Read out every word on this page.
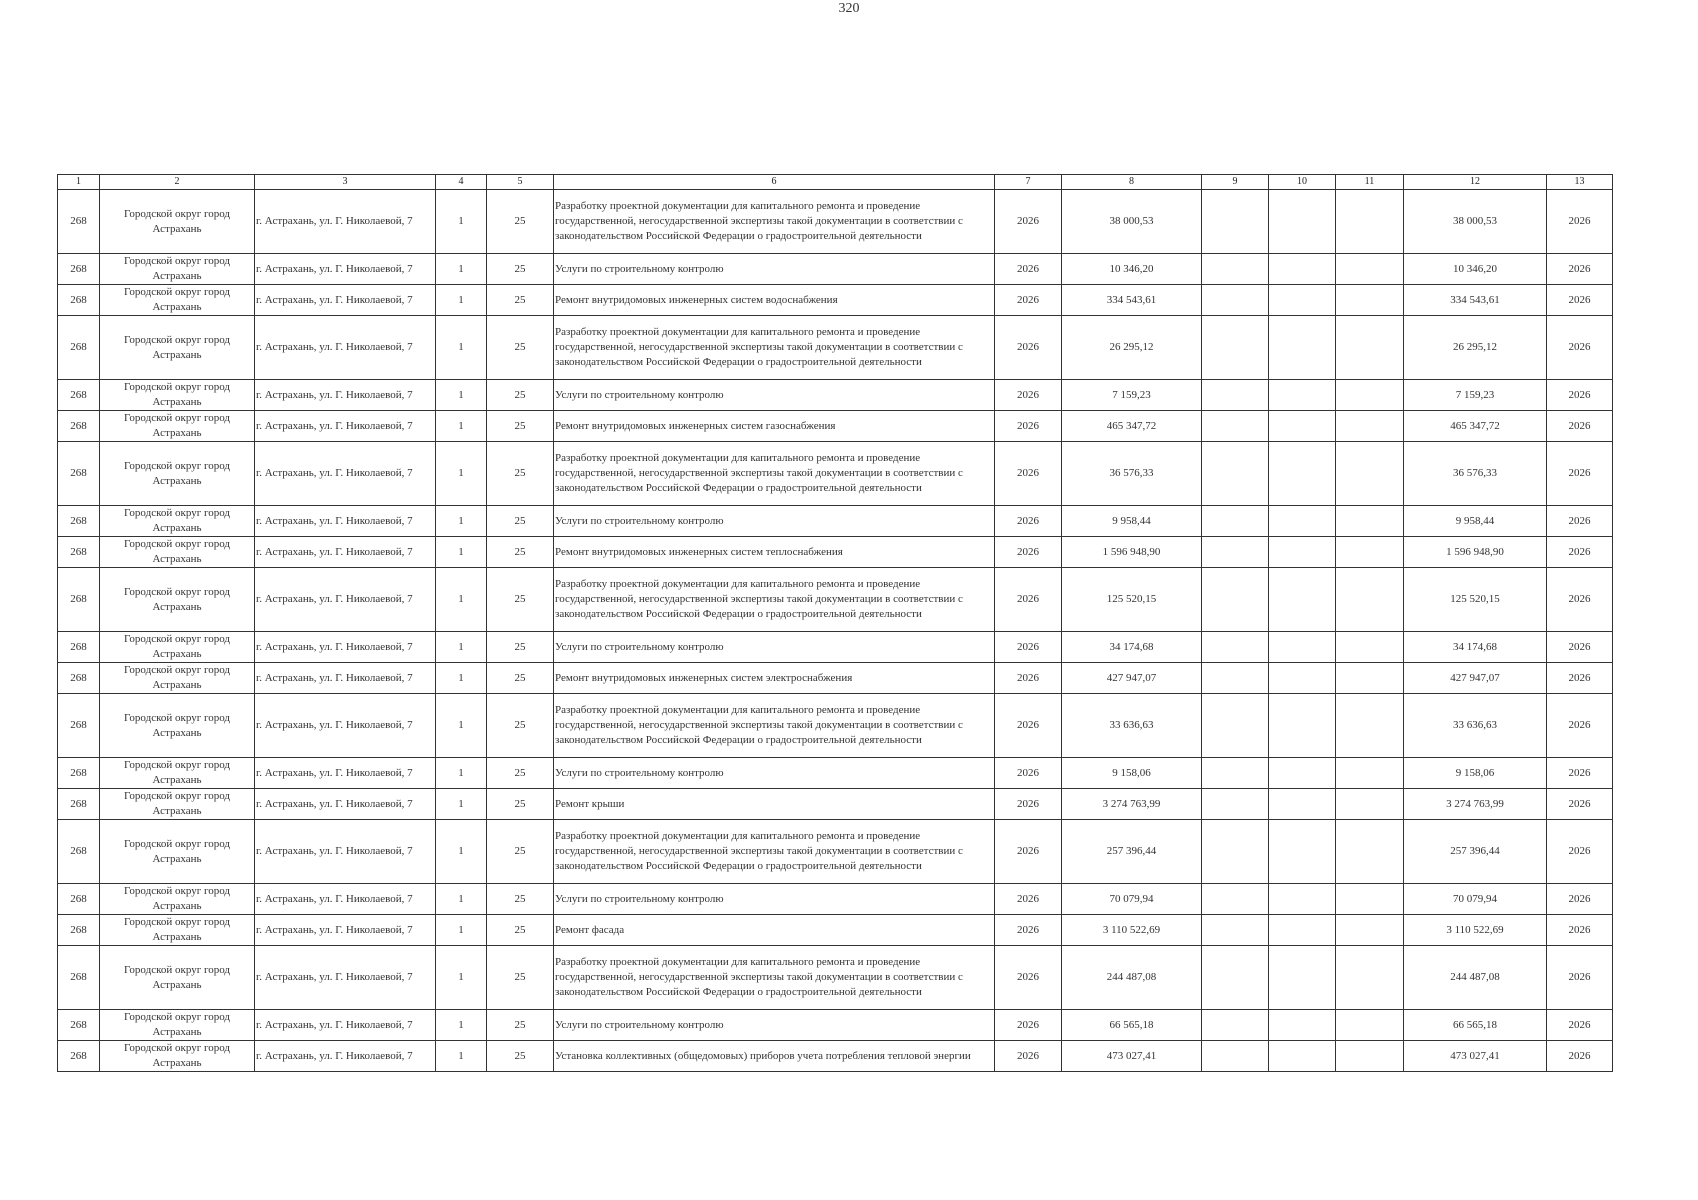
320
1	2	3	4	5	6	7	8	9	10	11	12	13
268	Городской округ город Астрахань	г. Астрахань, ул. Г. Николаевой, 7	1	25	Разработку проектной документации для капитального ремонта и проведение государственной, негосударственной экспертизы такой документации в соответствии с законодательством Российской Федерации о градостроительной деятельности	2026	38 000,53				38 000,53	2026
268	Городской округ город Астрахань	г. Астрахань, ул. Г. Николаевой, 7	1	25	Услуги по строительному контролю	2026	10 346,20				10 346,20	2026
268	Городской округ город Астрахань	г. Астрахань, ул. Г. Николаевой, 7	1	25	Ремонт внутридомовых инженерных систем водоснабжения	2026	334 543,61				334 543,61	2026
268	Городской округ город Астрахань	г. Астрахань, ул. Г. Николаевой, 7	1	25	Разработку проектной документации для капитального ремонта и проведение государственной, негосударственной экспертизы такой документации в соответствии с законодательством Российской Федерации о градостроительной деятельности	2026	26 295,12				26 295,12	2026
268	Городской округ город Астрахань	г. Астрахань, ул. Г. Николаевой, 7	1	25	Услуги по строительному контролю	2026	7 159,23				7 159,23	2026
268	Городской округ город Астрахань	г. Астрахань, ул. Г. Николаевой, 7	1	25	Ремонт внутридомовых инженерных систем газоснабжения	2026	465 347,72				465 347,72	2026
268	Городской округ город Астрахань	г. Астрахань, ул. Г. Николаевой, 7	1	25	Разработку проектной документации для капитального ремонта и проведение государственной, негосударственной экспертизы такой документации в соответствии с законодательством Российской Федерации о градостроительной деятельности	2026	36 576,33				36 576,33	2026
268	Городской округ город Астрахань	г. Астрахань, ул. Г. Николаевой, 7	1	25	Услуги по строительному контролю	2026	9 958,44				9 958,44	2026
268	Городской округ город Астрахань	г. Астрахань, ул. Г. Николаевой, 7	1	25	Ремонт внутридомовых инженерных систем теплоснабжения	2026	1 596 948,90				1 596 948,90	2026
268	Городской округ город Астрахань	г. Астрахань, ул. Г. Николаевой, 7	1	25	Разработку проектной документации для капитального ремонта и проведение государственной, негосударственной экспертизы такой документации в соответствии с законодательством Российской Федерации о градостроительной деятельности	2026	125 520,15				125 520,15	2026
268	Городской округ город Астрахань	г. Астрахань, ул. Г. Николаевой, 7	1	25	Услуги по строительному контролю	2026	34 174,68				34 174,68	2026
268	Городской округ город Астрахань	г. Астрахань, ул. Г. Николаевой, 7	1	25	Ремонт внутридомовых инженерных систем электроснабжения	2026	427 947,07				427 947,07	2026
268	Городской округ город Астрахань	г. Астрахань, ул. Г. Николаевой, 7	1	25	Разработку проектной документации для капитального ремонта и проведение государственной, негосударственной экспертизы такой документации в соответствии с законодательством Российской Федерации о градостроительной деятельности	2026	33 636,63				33 636,63	2026
268	Городской округ город Астрахань	г. Астрахань, ул. Г. Николаевой, 7	1	25	Услуги по строительному контролю	2026	9 158,06				9 158,06	2026
268	Городской округ город Астрахань	г. Астрахань, ул. Г. Николаевой, 7	1	25	Ремонт крыши	2026	3 274 763,99				3 274 763,99	2026
268	Городской округ город Астрахань	г. Астрахань, ул. Г. Николаевой, 7	1	25	Разработку проектной документации для капитального ремонта и проведение государственной, негосударственной экспертизы такой документации в соответствии с законодательством Российской Федерации о градостроительной деятельности	2026	257 396,44				257 396,44	2026
268	Городской округ город Астрахань	г. Астрахань, ул. Г. Николаевой, 7	1	25	Услуги по строительному контролю	2026	70 079,94				70 079,94	2026
268	Городской округ город Астрахань	г. Астрахань, ул. Г. Николаевой, 7	1	25	Ремонт фасада	2026	3 110 522,69				3 110 522,69	2026
268	Городской округ город Астрахань	г. Астрахань, ул. Г. Николаевой, 7	1	25	Разработку проектной документации для капитального ремонта и проведение государственной, негосударственной экспертизы такой документации в соответствии с законодательством Российской Федерации о градостроительной деятельности	2026	244 487,08				244 487,08	2026
268	Городской округ город Астрахань	г. Астрахань, ул. Г. Николаевой, 7	1	25	Услуги по строительному контролю	2026	66 565,18				66 565,18	2026
268	Городской округ город Астрахань	г. Астрахань, ул. Г. Николаевой, 7	1	25	Установка коллективных (общедомовых) приборов учета потребления тепловой энергии	2026	473 027,41				473 027,41	2026
